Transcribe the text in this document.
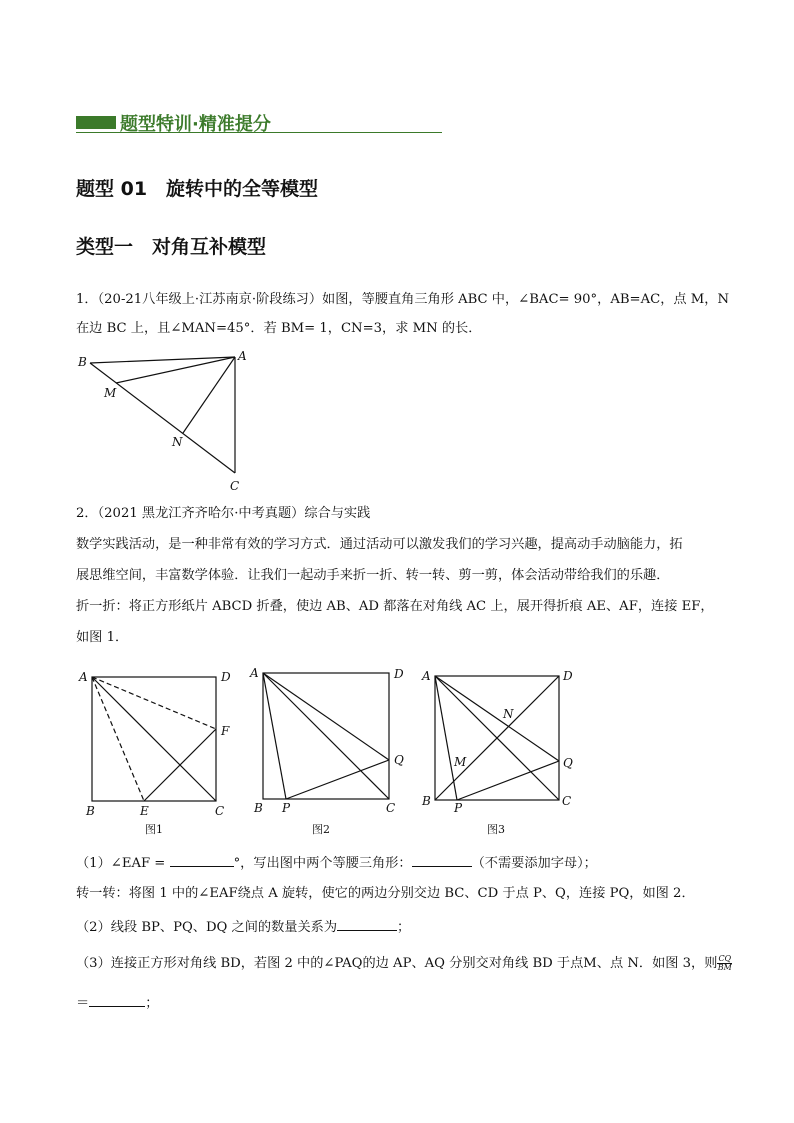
题型特训·精准提分
题型 01　旋转中的全等模型
类型一　对角互补模型
1．（20-21八年级上·江苏南京·阶段练习）如图，等腰直角三角形 ABC 中，∠BAC= 90°，AB=AC，点 M，N
在边 BC 上，且∠MAN=45°．若 BM= 1，CN=3，求 MN 的长．
B	A
M
N
C
2．（2021 黑龙江齐齐哈尔·中考真题）综合与实践
数学实践活动，是一种非常有效的学习方式．通过活动可以激发我们的学习兴趣，提高动手动脑能力，拓
展思维空间，丰富数学体验．让我们一起动手来折一折、转一转、剪一剪，体会活动带给我们的乐趣．
折一折：将正方形纸片 ABCD 折叠，使边 AB、AD 都落在对角线 AC 上，展开得折痕 AE、AF，连接 EF，
如图 1．
A	D
F
B	E	C
图1
A	D
Q
B P	C
图2
A	D
N
M	Q
B P	C
图3
（1）∠EAF =	°，写出图中两个等腰三角形：	（不需要添加字母）；
转一转：将图 1 中的∠EAF绕点 A 旋转，使它的两边分别交边 BC、CD 于点 P、Q，连接 PQ，如图 2．
（2）线段 BP、PQ、DQ 之间的数量关系为	；
（3）连接正方形对角线 BD，若图 2 中的∠PAQ的边 AP、AQ 分别交对角线 BD 于点M、点 N．如图 3，则 $\frac{CQ}{BM}$
＝	；
